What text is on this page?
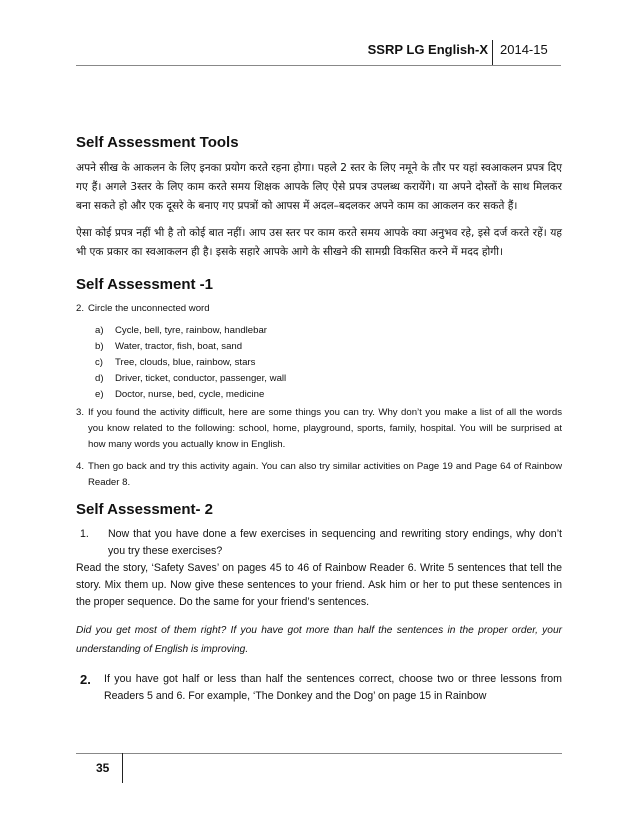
SSRP LG English-X 2014-15
Self Assessment Tools

अपने सीख के आकलन के लिए इनका प्रयोग करते रहना होगा। पहले 2 स्तर के लिए नमूने के तौर पर यहां स्वआकलन प्रपत्र दिए गए हैं। अगले 3स्तर के लिए काम करते समय शिक्षक आपके लिए ऐसे प्रपत्र उपलब्ध करायेंगे। या अपने दोस्तों के साथ मिलकर बना सकते हो और एक दूसरे के बनाए गए प्रपत्रों को आपस में अदल–बदलकर अपने काम का आकलन कर सकते हैं।

ऐसा कोई प्रपत्र नहीं भी है तो कोई बात नहीं। आप उस स्तर पर काम करते समय आपके क्या अनुभव रहे, इसे दर्ज करते रहें। यह भी एक प्रकार का स्वआकलन ही है। इसके सहारे आपके आगे के सीखने की सामग्री विकसित करने में मदद होगी।

Self Assessment -1
2. Circle the unconnected word
a)	Cycle, bell, tyre, rainbow, handlebar
b)	Water, tractor, fish, boat, sand
c)	Tree, clouds, blue, rainbow, stars
d)	Driver, ticket, conductor, passenger, wall
e)	Doctor, nurse, bed, cycle, medicine
3. If you found the activity difficult, here are some things you can try. Why don’t you make a list of all the words you know related to the following: school, home, playground, sports, family, hospital. You will be surprised at how many words you actually know in English.
4. Then go back and try this activity again. You can also try similar activities on Page 19 and Page 64 of Rainbow Reader 8.
Self Assessment- 2
1.	Now that you have done a few exercises in sequencing and rewriting story endings, why don’t you try these exercises?
Read the story, ‘Safety Saves’ on pages 45 to 46 of Rainbow Reader 6. Write 5 sentences that tell the story. Mix them up. Now give these sentences to your friend. Ask him or her to put these sentences in the proper sequence. Do the same for your friend’s sentences.
Did you get most of them right? If you have got more than half the sentences in the proper order, your understanding of English is improving.
2.	If you have got half or less than half the sentences correct, choose two or three lessons from Readers 5 and 6. For example, ‘The Donkey and the Dog’ on page 15 in Rainbow
35
